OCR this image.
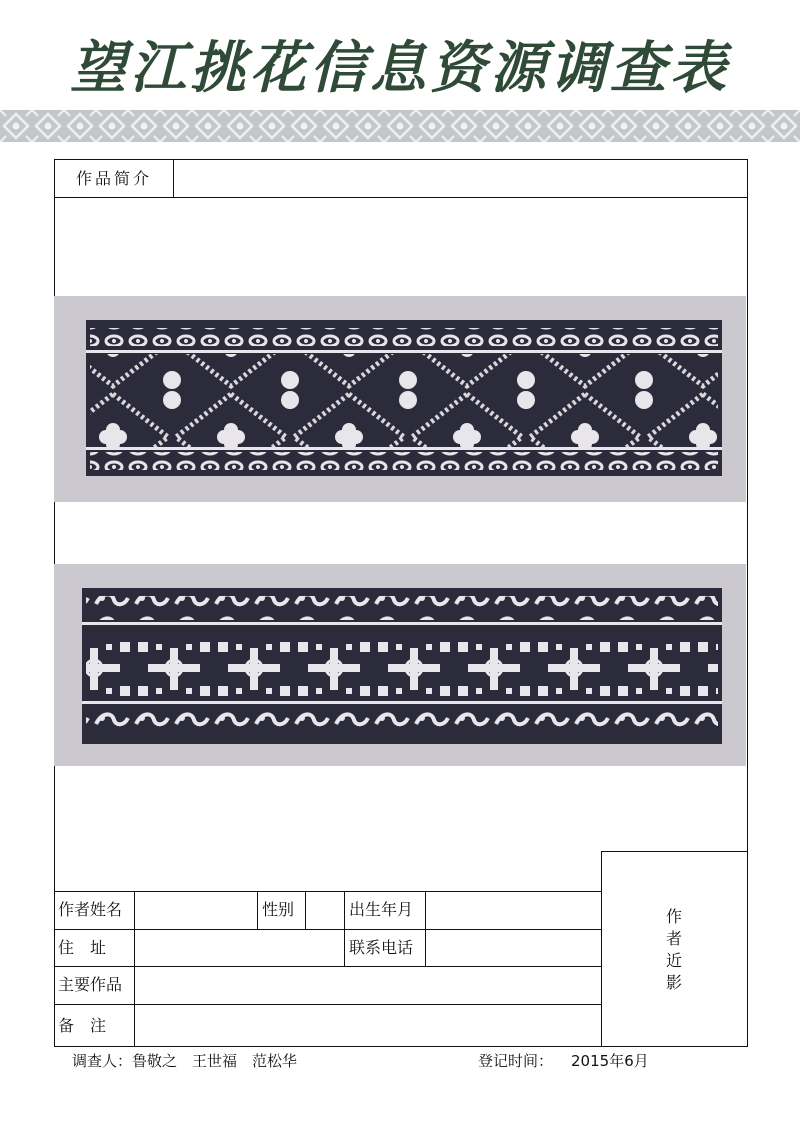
望江挑花信息资源调查表
作品简介
作者近影
作者姓名	性别	出生年月
住　址	联系电话
主要作品
备　注
调查人：鲁敬之　王世福　范松华	登记时间： 2015年6月
